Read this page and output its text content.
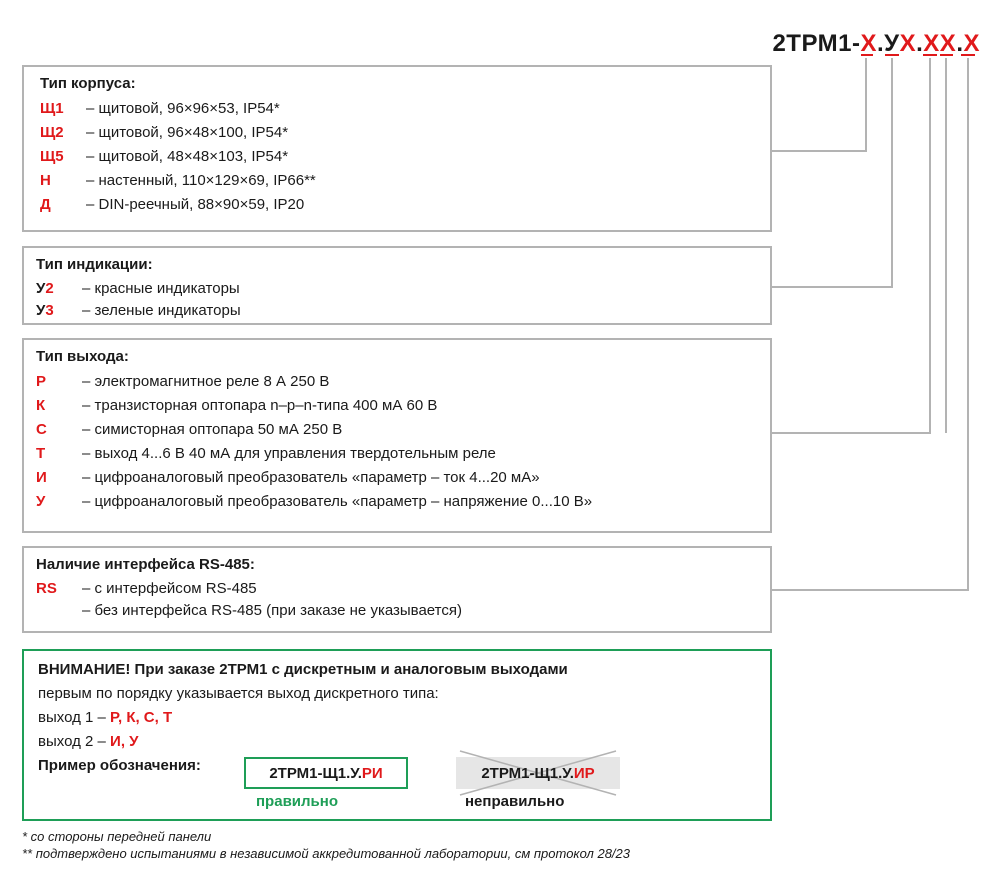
2ТРМ1-Х.УХ.ХХ.Х
Тип корпуса:
Щ1	– щитовой, 96×96×53, IP54*
Щ2	– щитовой, 96×48×100, IP54*
Щ5	– щитовой, 48×48×103, IP54*
Н	– настенный, 110×129×69, IP66**
Д	– DIN-реечный, 88×90×59, IP20
Тип индикации:
У2	– красные индикаторы
У3	– зеленые индикаторы
Тип выхода:
Р	– электромагнитное реле 8 А 250 В
К	– транзисторная оптопара n–p–n-типа 400 мА 60 В
С	– симисторная оптопара 50 мА 250 В
Т	– выход 4...6 В 40 мА для управления твердотельным реле
И	– цифроаналоговый преобразователь «параметр – ток 4...20 мА»
У	– цифроаналоговый преобразователь «параметр – напряжение 0...10 В»
Наличие интерфейса RS-485:
RS	– с интерфейсом RS-485
– без интерфейса RS-485 (при заказе не указывается)
ВНИМАНИЕ! При заказе 2ТРМ1 с дискретным и аналоговым выходами
первым по порядку указывается выход дискретного типа:
выход 1 –
Р, К, С, Т
выход 2 –
И, У
Пример обозначения:	2ТРМ1-Щ1.У. РИ
правильно
2ТРМ1-Щ1.У. ИР
неправильно
* со стороны передней панели
** подтверждено испытаниями в независимой аккредитованной лаборатории, см протокол 28/23
